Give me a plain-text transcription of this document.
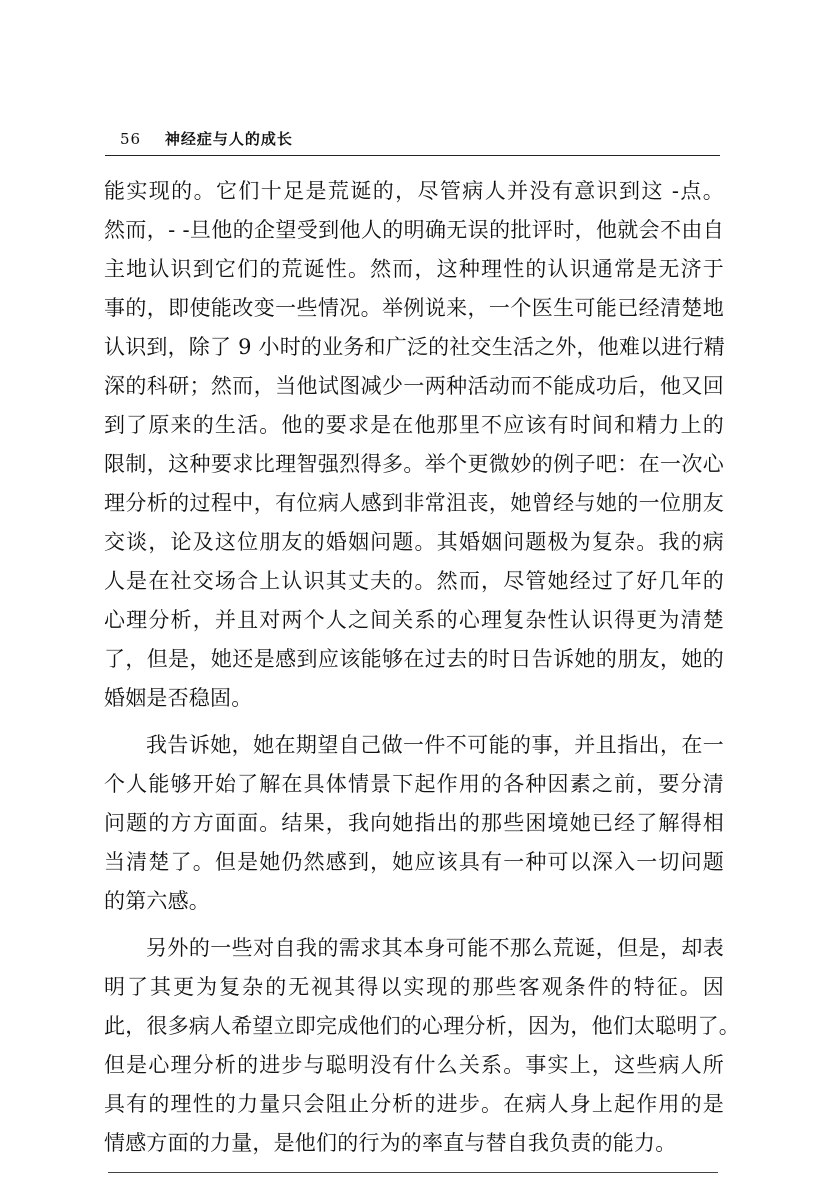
56 神经症与人的成长
能实现的。它们十足是荒诞的，尽管病人并没有意识到这 -点。
然而，- -旦他的企望受到他人的明确无误的批评时，他就会不由自
主地认识到它们的荒诞性。然而，这种理性的认识通常是无济于
事的，即使能改变一些情况。举例说来，一个医生可能已经清楚地
认识到，除了 9 小时的业务和广泛的社交生活之外，他难以进行精
深的科研；然而，当他试图减少一两种活动而不能成功后，他又回
到了原来的生活。他的要求是在他那里不应该有时间和精力上的
限制，这种要求比理智强烈得多。举个更微妙的例子吧：在一次心
理分析的过程中，有位病人感到非常沮丧，她曾经与她的一位朋友
交谈，论及这位朋友的婚姻问题。其婚姻问题极为复杂。我的病
人是在社交场合上认识其丈夫的。然而，尽管她经过了好几年的
心理分析，并且对两个人之间关系的心理复杂性认识得更为清楚
了，但是，她还是感到应该能够在过去的时日告诉她的朋友，她的
婚姻是否稳固。
我告诉她，她在期望自己做一件不可能的事，并且指出，在一
个人能够开始了解在具体情景下起作用的各种因素之前，要分清
问题的方方面面。结果，我向她指出的那些困境她已经了解得相
当清楚了。但是她仍然感到，她应该具有一种可以深入一切问题
的第六感。
另外的一些对自我的需求其本身可能不那么荒诞，但是，却表
明了其更为复杂的无视其得以实现的那些客观条件的特征。因
此，很多病人希望立即完成他们的心理分析，因为，他们太聪明了。
但是心理分析的进步与聪明没有什么关系。事实上，这些病人所
具有的理性的力量只会阻止分析的进步。在病人身上起作用的是
情感方面的力量，是他们的行为的率直与替自我负责的能力。
